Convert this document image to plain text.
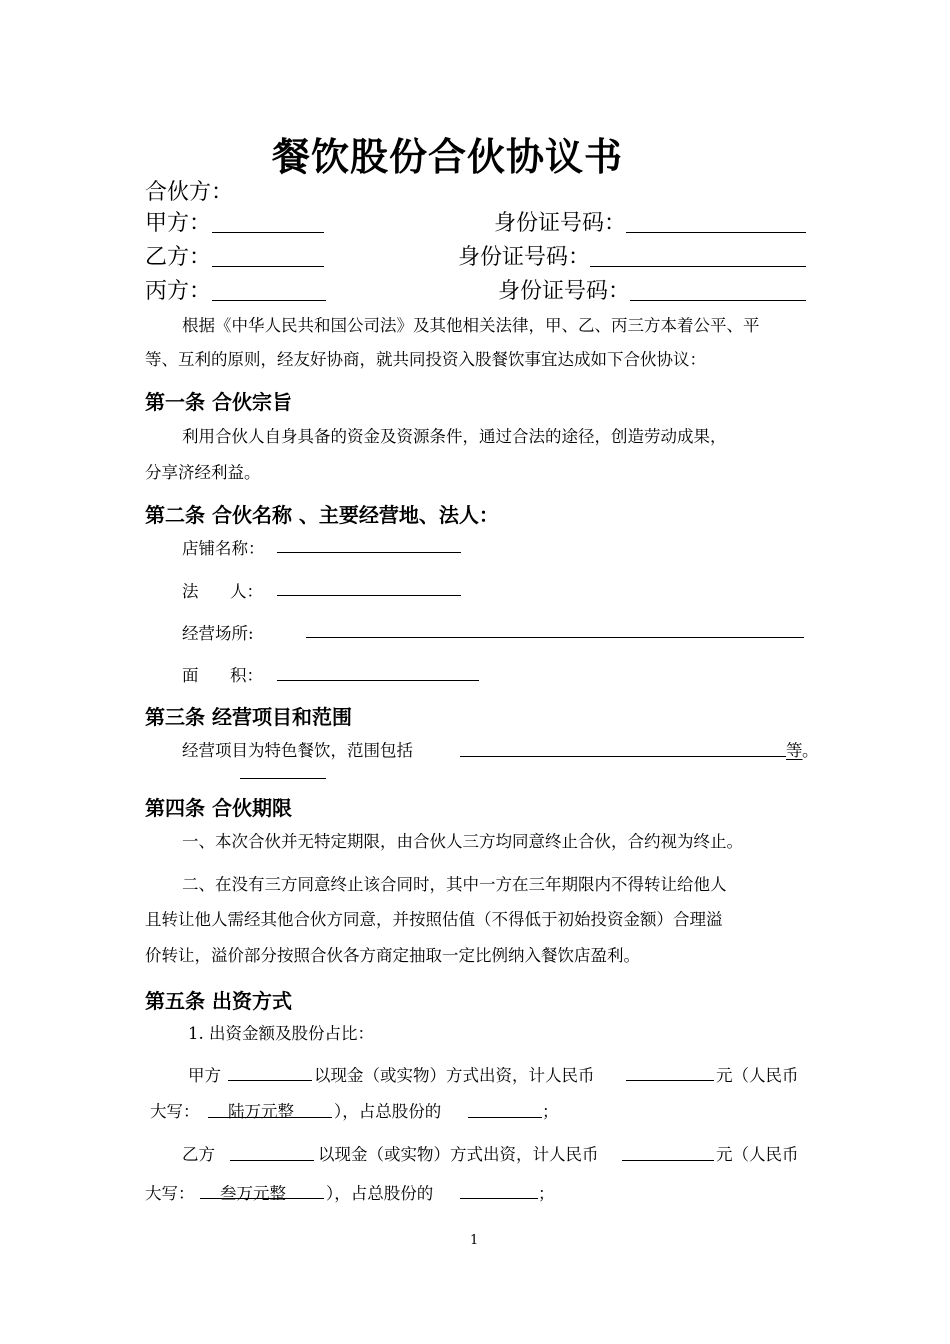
餐饮股份合伙协议书
合伙方：
甲方：	身份证号码：
乙方：	身份证号码：
丙方：	身份证号码：
根据《中华人民共和国公司法》及其他相关法律，甲、乙、丙三方本着公平、平
等、互利的原则，经友好协商，就共同投资入股餐饮事宜达成如下合伙协议：
第一条 合伙宗旨
利用合伙人自身具备的资金及资源条件，通过合法的途径，创造劳动成果，
分享济经利益。
第二条 合伙名称 、主要经营地、法人：
店铺名称：
法      人：
经营场所:
面      积：
第三条 经营项目和范围
经营项目为特色餐饮，范围包括	等 。
第四条 合伙期限
一、本次合伙并无特定期限，由合伙人三方均同意终止合伙，合约视为终止。
二、在没有三方同意终止该合同时，其中一方在三年期限内不得转让给他人
且转让他人需经其他合伙方同意，并按照估值（不得低于初始投资金额）合理溢
价转让，溢价部分按照合伙各方商定抽取一定比例纳入餐饮店盈利。
第五条 出资方式
1. 出资金额及股份占比：
甲方	以现金（或实物）方式出资，计人民币	元（人民币
大写： 陆万元整 ），占总股份的	；
乙方	以现金（或实物）方式出资，计人民币	元（人民币
大写： 叁万元整 ），占总股份的	；
1
